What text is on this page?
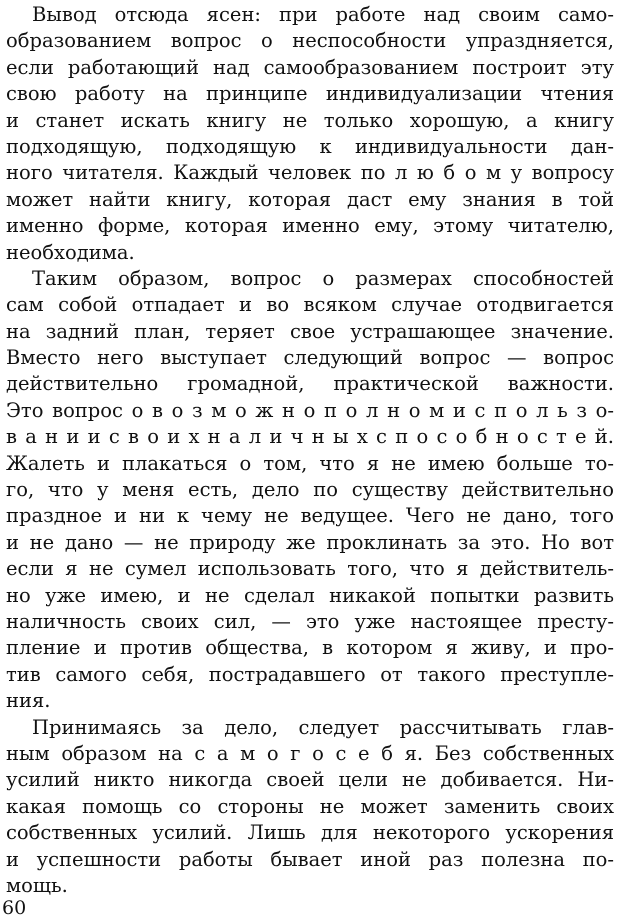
Вывод отсюда ясен: при работе над своим само-
образованием вопрос о неспособности упраздняется,
если работающий над самообразованием построит эту
свою работу на принципе индивидуализации чтения
и станет искать книгу не только хорошую, а книгу
подходящую, подходящую к индивидуальности дан-
ного читателя. Каждый человек по л ю б о м у вопросу
может найти книгу, которая даст ему знания в той
именно форме, которая именно ему, этому читателю,
необходима.
Таким образом, вопрос о размерах способностей
сам собой отпадает и во всяком случае отодвигается
на задний план, теряет свое устрашающее значение.
Вместо него выступает следующий вопрос — вопрос
действительно громадной, практической важности.
Это вопрос о в о з м о ж н о п о л н о м и с п о л ь з о-
в а н и и с в о и х н а л и ч н ы х с п о с о б н о с т е й.
Жалеть и плакаться о том, что я не имею больше то-
го, что у меня есть, дело по существу действительно
праздное и ни к чему не ведущее. Чего не дано, того
и не дано — не природу же проклинать за это. Но вот
если я не сумел использовать того, что я действитель-
но уже имею, и не сделал никакой попытки развить
наличность своих сил, — это уже настоящее престу-
пление и против общества, в котором я живу, и про-
тив самого себя, пострадавшего от такого преступле-
ния.
Принимаясь за дело, следует рассчитывать глав-
ным образом на с а м о г о с е б я. Без собственных
усилий никто никогда своей цели не добивается. Ни-
какая помощь со стороны не может заменить своих
собственных усилий. Лишь для некоторого ускорения
и успешности работы бывает иной раз полезна по-
мощь.
60
